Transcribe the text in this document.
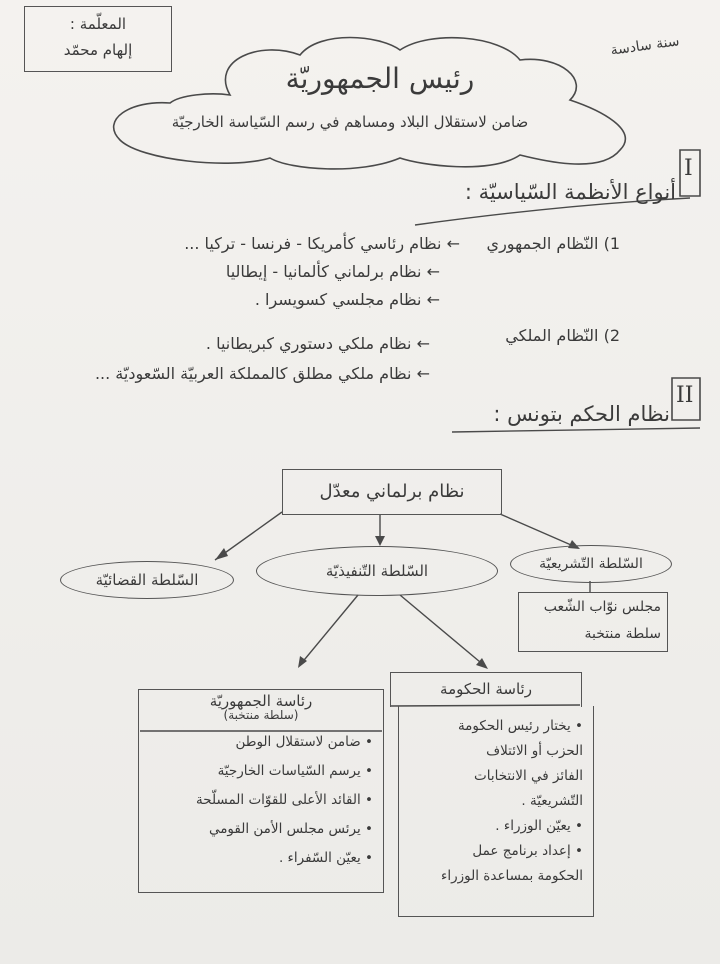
المعلّمة :
إلهام محمّد	سنة سادسة
رئيس الجمهوريّة
ضامن لاستقلال البلاد ومساهم في رسم السّياسة الخارجيّة
I
أنواع الأنظمة السّياسيّة :
1) النّظام الجمهوري
← نظام رئاسي كأمريكا - فرنسا - تركيا ...
← نظام برلماني كألمانيا - إيطاليا
← نظام مجلسي كسويسرا .
2) النّظام الملكي
← نظام ملكي دستوري كبريطانيا .
← نظام ملكي مطلق كالمملكة العربيّة السّعوديّة ...
II
نظام الحكم بتونس :
نظام برلماني معدّل
السّلطة القضائيّة	السّلطة التّنفيذيّة	السّلطة التّشريعيّة
مجلس نوّاب الشّعب
سلطة منتخبة
رئاسة الجمهوريّة
(سلطة منتخبة)
• ضامن لاستقلال الوطن
• يرسم السّياسات الخارجيّة
• القائد الأعلى للقوّات المسلّحة
• يرئس مجلس الأمن القومي
• يعيّن السّفراء .
رئاسة الحكومة
• يختار رئيس الحكومة
الحزب أو الائتلاف
الفائز في الانتخابات
التّشريعيّة .
• يعيّن الوزراء .
• إعداد برنامج عمل
الحكومة بمساعدة الوزراء
